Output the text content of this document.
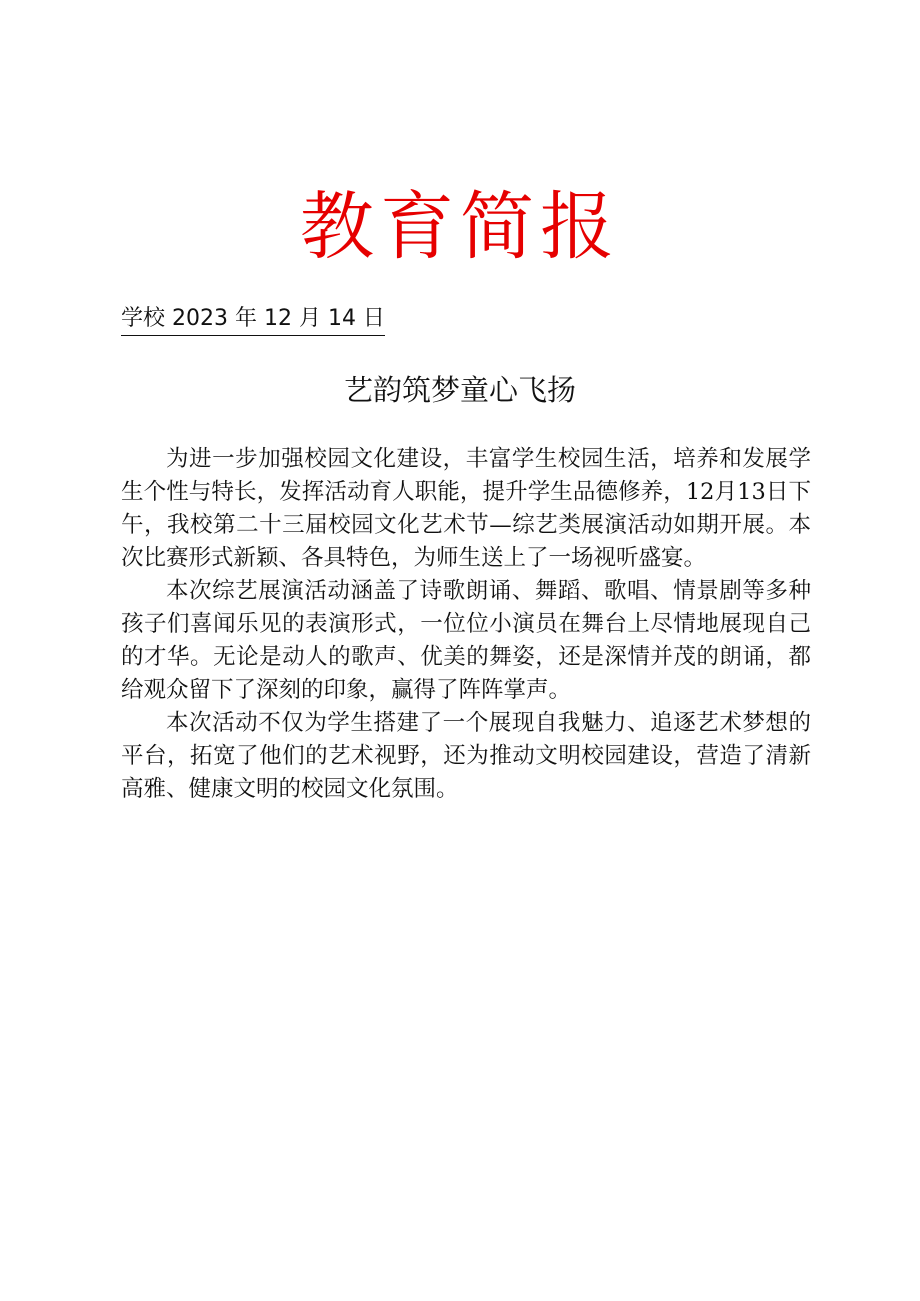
教育简报
学校 2023 年 12 月 14 日
艺韵筑梦童心飞扬

为进一步加强校园文化建设，丰富学生校园生活，培养和发展学生个性与特长，发挥活动育人职能，提升学生品德修养，12月13日下午，我校第二十三届校园文化艺术节—综艺类展演活动如期开展。本次比赛形式新颖、各具特色，为师生送上了一场视听盛宴。

本次综艺展演活动涵盖了诗歌朗诵、舞蹈、歌唱、情景剧等多种孩子们喜闻乐见的表演形式，一位位小演员在舞台上尽情地展现自己的才华。无论是动人的歌声、优美的舞姿，还是深情并茂的朗诵，都给观众留下了深刻的印象，赢得了阵阵掌声。

本次活动不仅为学生搭建了一个展现自我魅力、追逐艺术梦想的平台，拓宽了他们的艺术视野，还为推动文明校园建设，营造了清新高雅、健康文明的校园文化氛围。
